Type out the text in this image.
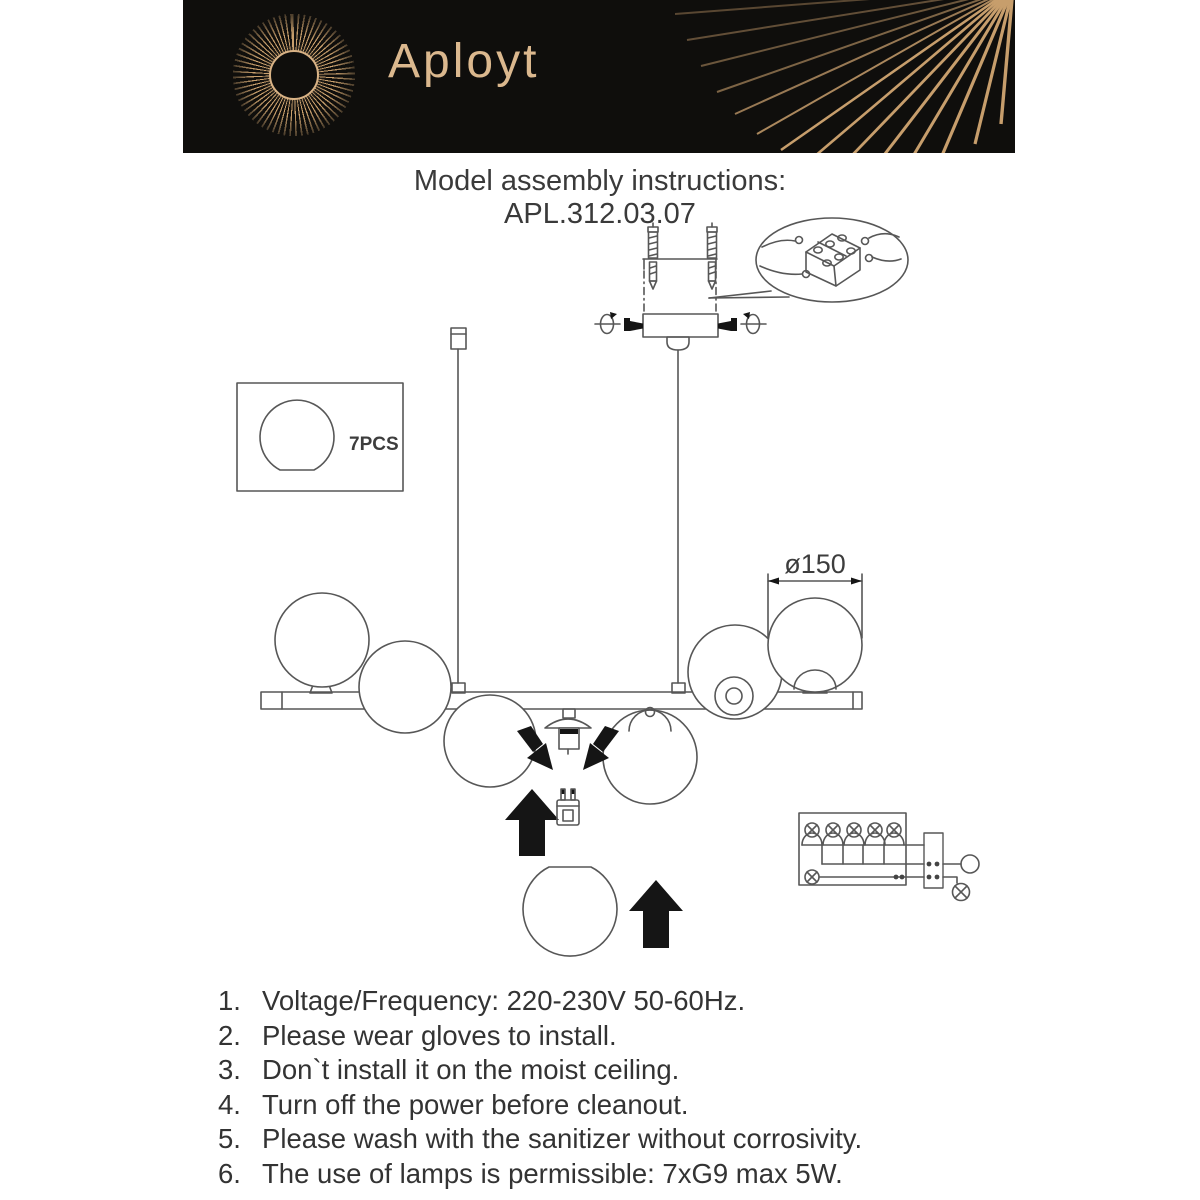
Aployt
Model assembly instructions:
APL.312.03.07
ø150
7PCS
1. Voltage/Frequency: 220-230V 50-60Hz.
2. Please wear gloves to install.
3. Don`t install it on the moist ceiling.
4. Turn off the power before cleanout.
5. Please wash with the sanitizer without corrosivity.
6. The use of lamps is permissible: 7xG9 max 5W.
